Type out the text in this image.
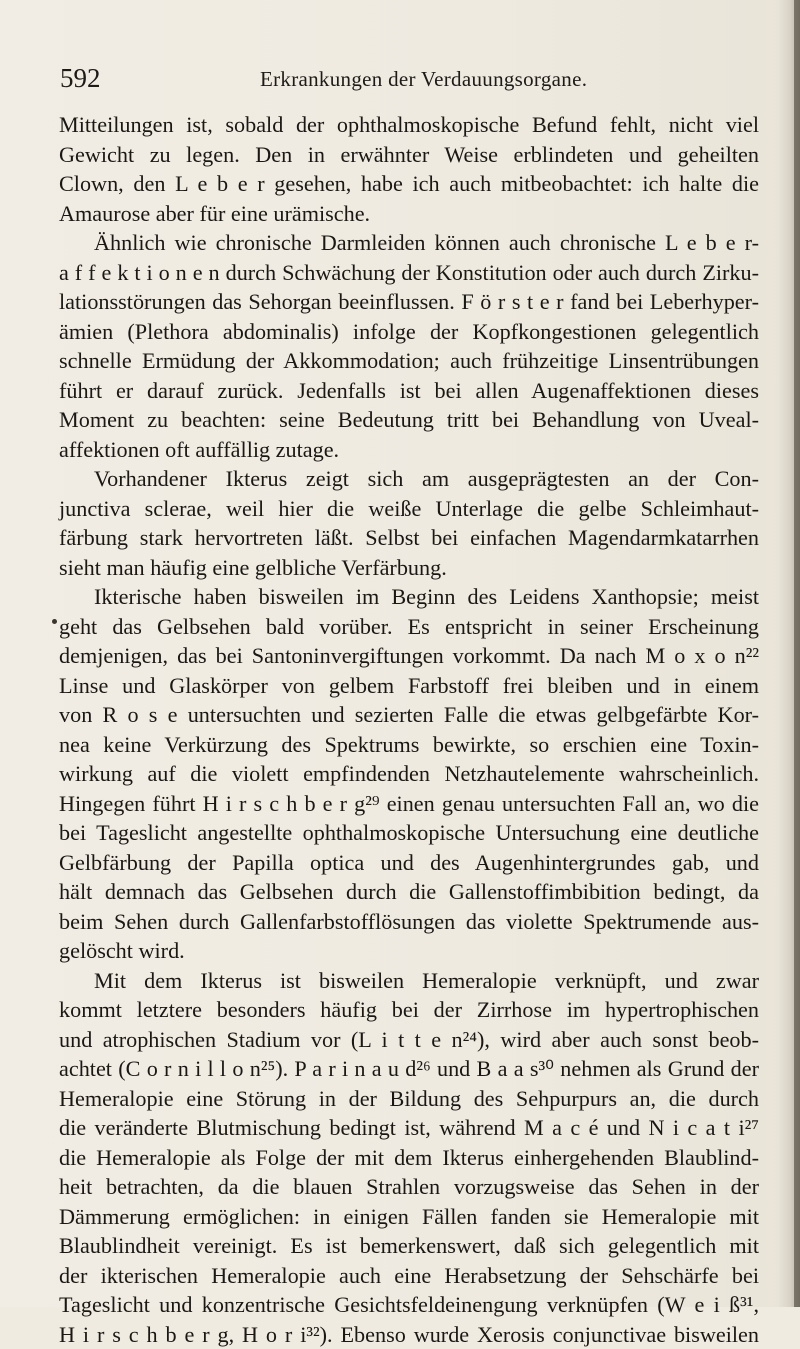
592	Erkrankungen der Verdauungsorgane.
Mitteilungen ist, sobald der ophthalmoskopische Befund fehlt, nicht viel
Gewicht zu legen. Den in erwähnter Weise erblindeten und geheilten
Clown, den L e b e r gesehen, habe ich auch mitbeobachtet: ich halte die
Amaurose aber für eine urämische.
Ähnlich wie chronische Darmleiden können auch chronische L e b e r-
a f f e k t i o n e n durch Schwächung der Konstitution oder auch durch Zirku-
lationsstörungen das Sehorgan beeinflussen. F ö r s t e r fand bei Leberhyper-
ämien (Plethora abdominalis) infolge der Kopfkongestionen gelegentlich
schnelle Ermüdung der Akkommodation; auch frühzeitige Linsentrübungen
führt er darauf zurück. Jedenfalls ist bei allen Augenaffektionen dieses
Moment zu beachten: seine Bedeutung tritt bei Behandlung von Uveal-
affektionen oft auffällig zutage.
Vorhandener Ikterus zeigt sich am ausgeprägtesten an der Con-
junctiva sclerae, weil hier die weiße Unterlage die gelbe Schleimhaut-
färbung stark hervortreten läßt. Selbst bei einfachen Magendarmkatarrhen
sieht man häufig eine gelbliche Verfärbung.
Ikterische haben bisweilen im Beginn des Leidens Xanthopsie; meist
geht das Gelbsehen bald vorüber. Es entspricht in seiner Erscheinung
demjenigen, das bei Santoninvergiftungen vorkommt. Da nach M o x o n²²
Linse und Glaskörper von gelbem Farbstoff frei bleiben und in einem
von R o s e untersuchten und sezierten Falle die etwas gelbgefärbte Kor-
nea keine Verkürzung des Spektrums bewirkte, so erschien eine Toxin-
wirkung auf die violett empfindenden Netzhautelemente wahrscheinlich.
Hingegen führt H i r s c h b e r g²⁹ einen genau untersuchten Fall an, wo die
bei Tageslicht angestellte ophthalmoskopische Untersuchung eine deutliche
Gelbfärbung der Papilla optica und des Augenhintergrundes gab, und
hält demnach das Gelbsehen durch die Gallenstoffimbibition bedingt, da
beim Sehen durch Gallenfarbstofflösungen das violette Spektrumende aus-
gelöscht wird.
Mit dem Ikterus ist bisweilen Hemeralopie verknüpft, und zwar
kommt letztere besonders häufig bei der Zirrhose im hypertrophischen
und atrophischen Stadium vor (L i t t e n²⁴), wird aber auch sonst beob-
achtet (C o r n i l l o n²⁵). P a r i n a u d²⁶ und B a a s³⁰ nehmen als Grund der
Hemeralopie eine Störung in der Bildung des Sehpurpurs an, die durch
die veränderte Blutmischung bedingt ist, während M a c é und N i c a t i²⁷
die Hemeralopie als Folge der mit dem Ikterus einhergehenden Blaublind-
heit betrachten, da die blauen Strahlen vorzugsweise das Sehen in der
Dämmerung ermöglichen: in einigen Fällen fanden sie Hemeralopie mit
Blaublindheit vereinigt. Es ist bemerkenswert, daß sich gelegentlich mit
der ikterischen Hemeralopie auch eine Herabsetzung der Sehschärfe bei
Tageslicht und konzentrische Gesichtsfeldeinengung verknüpfen (W e i ß³¹,
H i r s c h b e r g, H o r i³²). Ebenso wurde Xerosis conjunctivae bisweilen
